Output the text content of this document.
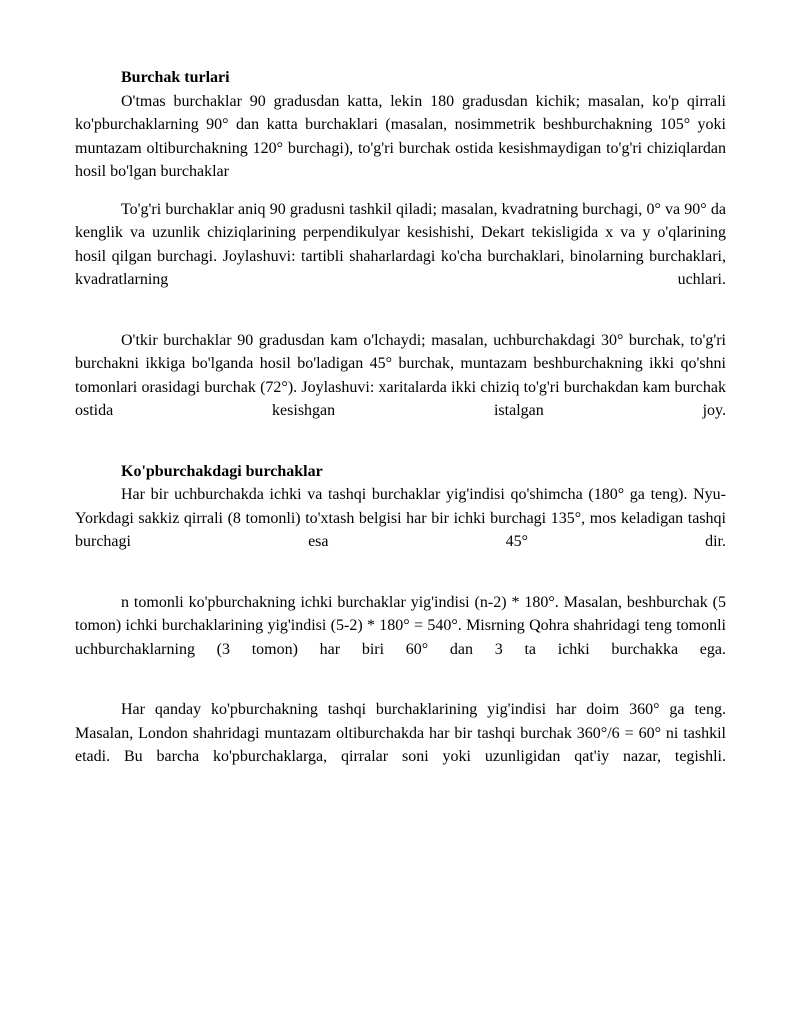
Burchak turlari

O'tmas burchaklar 90 gradusdan katta, lekin 180 gradusdan kichik; masalan, ko'p qirrali ko'pburchaklarning 90° dan katta burchaklari (masalan, nosimmetrik beshburchakning 105° yoki muntazam oltiburchakning 120° burchagi), to'g'ri burchak ostida kesishmaydigan to'g'ri chiziqlardan hosil bo'lgan burchaklar

To'g'ri burchaklar aniq 90 gradusni tashkil qiladi; masalan, kvadratning burchagi, 0° va 90° da kenglik va uzunlik chiziqlarining perpendikulyar kesishishi, Dekart tekisligida x va y o'qlarining hosil qilgan burchagi. Joylashuvi: tartibli shaharlardagi ko'cha burchaklari, binolarning burchaklari, kvadratlarning uchlari.

O'tkir burchaklar 90 gradusdan kam o'lchaydi; masalan, uchburchakdagi 30° burchak, to'g'ri burchakni ikkiga bo'lganda hosil bo'ladigan 45° burchak, muntazam beshburchakning ikki qo'shni tomonlari orasidagi burchak (72°). Joylashuvi: xaritalarda ikki chiziq to'g'ri burchakdan kam burchak ostida kesishgan istalgan joy.

Ko'pburchakdagi burchaklar

Har bir uchburchakda ichki va tashqi burchaklar yig'indisi qo'shimcha (180° ga teng). Nyu-Yorkdagi sakkiz qirrali (8 tomonli) to'xtash belgisi har bir ichki burchagi 135°, mos keladigan tashqi burchagi esa 45° dir.

n tomonli ko'pburchakning ichki burchaklar yig'indisi (n-2) * 180°. Masalan, beshburchak (5 tomon) ichki burchaklarining yig'indisi (5-2) * 180° = 540°. Misrning Qohra shahridagi teng tomonli uchburchaklarning (3 tomon) har biri 60° dan 3 ta ichki burchakka ega.

Har qanday ko'pburchakning tashqi burchaklarining yig'indisi har doim 360° ga teng. Masalan, London shahridagi muntazam oltiburchakda har bir tashqi burchak 360°/6 = 60° ni tashkil etadi. Bu barcha ko'pburchaklarga, qirralar soni yoki uzunligidan qat'iy nazar, tegishli.
